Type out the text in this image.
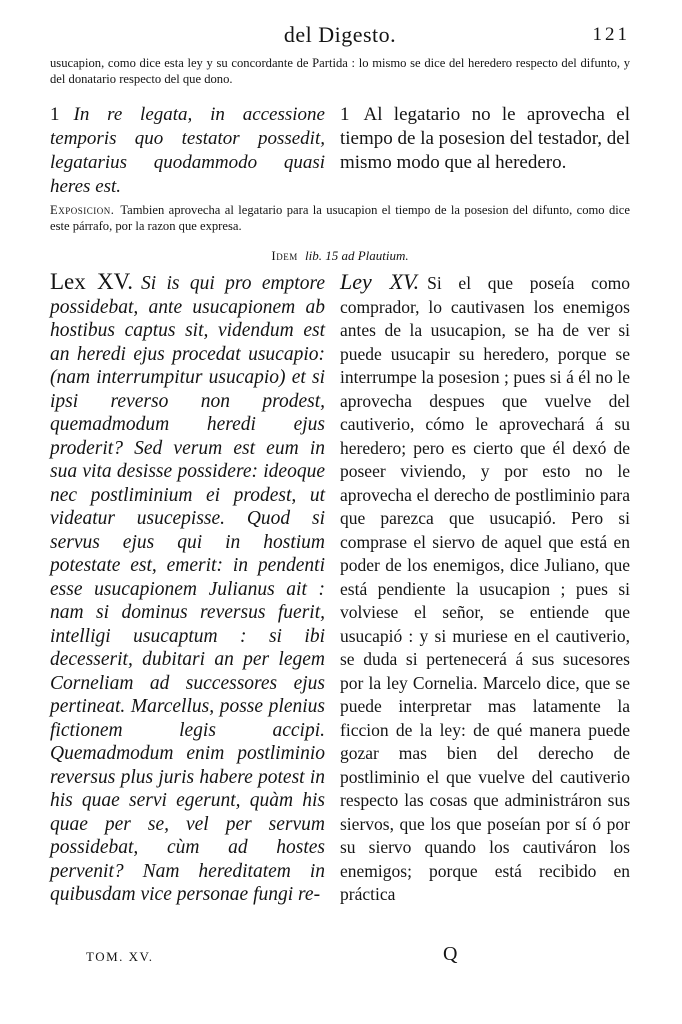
del Digesto.	121

usucapion, como dice esta ley y su concordante de Partida : lo mismo se dice del heredero respecto del difunto, y del donatario respecto del que dono.

1 In re legata, in accessione temporis quo testator possedit, legatarius quodammodo quasi heres est.
1 Al legatario no le aprovecha el tiempo de la posesion del testador, del mismo modo que al heredero.
Exposicion. Tambien aprovecha al legatario para la usucapion el tiempo de la posesion del difunto, como dice este párrafo, por la razon que expresa.
Idem lib. 15 ad Plautium.
Lex XV. Si is qui pro emptore possidebat, ante usucapionem ab hostibus captus sit, videndum est an heredi ejus procedat usucapio: (nam interrumpitur usucapio) et si ipsi reverso non prodest, quemadmodum heredi ejus proderit? Sed verum est eum in sua vita desisse possidere: ideoque nec postliminium ei prodest, ut videatur usucepisse. Quod si servus ejus qui in hostium potestate est, emerit: in pendenti esse usucapionem Julianus ait : nam si dominus reversus fuerit, intelligi usucaptum : si ibi decesserit, dubitari an per legem Corneliam ad successores ejus pertineat. Marcellus, posse plenius fictionem legis accipi. Quemadmodum enim postliminio reversus plus juris habere potest in his quae servi egerunt, quàm his quae per se, vel per servum possidebat, cùm ad hostes pervenit? Nam hereditatem in quibusdam vice personae fungi re-
Ley XV. Si el que poseía como comprador, lo cautivasen los enemigos antes de la usucapion, se ha de ver si puede usucapir su heredero, porque se interrumpe la posesion ; pues si á él no le aprovecha despues que vuelve del cautiverio, cómo le aprovechará á su heredero; pero es cierto que él dexó de poseer viviendo, y por esto no le aprovecha el derecho de postliminio para que parezca que usucapió. Pero si comprase el siervo de aquel que está en poder de los enemigos, dice Juliano, que está pendiente la usucapion ; pues si volviese el señor, se entiende que usucapió : y si muriese en el cautiverio, se duda si pertenecerá á sus sucesores por la ley Cornelia. Marcelo dice, que se puede interpretar mas latamente la ficcion de la ley: de qué manera puede gozar mas bien del derecho de postliminio el que vuelve del cautiverio respecto las cosas que administráron sus siervos, que los que poseían por sí ó por su siervo quando los cautiváron los enemigos; porque está recibido en práctica
TOM. XV.	Q
